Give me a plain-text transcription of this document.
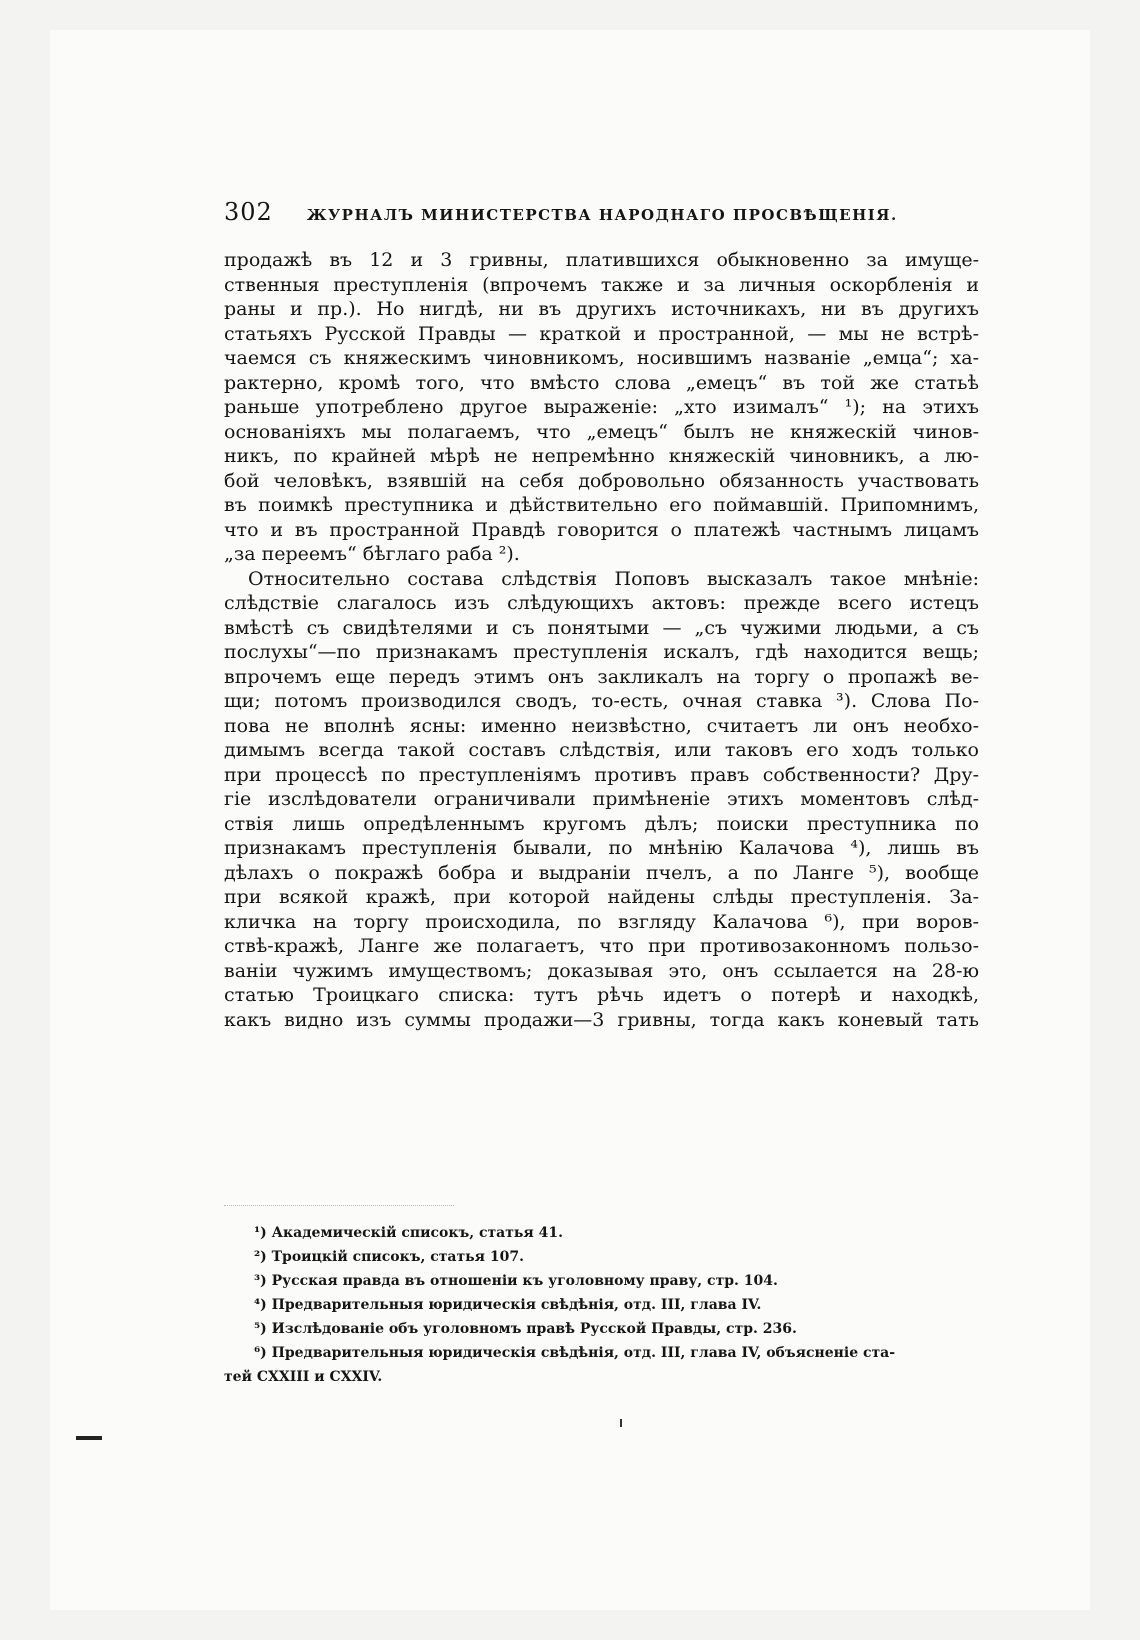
302 ЖУРНАЛЪ МИНИСТЕРСТВА НАРОДНАГО ПРОСВѢЩЕНІЯ.
продажѣ въ 12 и 3 гривны, платившихся обыкновенно за имуще-
ственныя преступленія (впрочемъ также и за личныя оскорбленія и
раны и пр.). Но нигдѣ, ни въ другихъ источникахъ, ни въ другихъ
статьяхъ Русской Правды — краткой и пространной, — мы не встрѣ-
чаемся съ княжескимъ чиновникомъ, носившимъ названіе „емца“; ха-
рактерно, кромѣ того, что вмѣсто слова „емецъ“ въ той же статьѣ
раньше употреблено другое выраженіе: „хто изималъ“ ¹); на этихъ
основаніяхъ мы полагаемъ, что „емецъ“ былъ не княжескій чинов-
никъ, по крайней мѣрѣ не непремѣнно княжескій чиновникъ, а лю-
бой человѣкъ, взявшій на себя добровольно обязанность участвовать
въ поимкѣ преступника и дѣйствительно его поймавшій. Припомнимъ,
что и въ пространной Правдѣ говорится о платежѣ частнымъ лицамъ
„за переемъ“ бѣглаго раба ²).
Относительно состава слѣдствія Поповъ высказалъ такое мнѣніе:
слѣдствіе слагалось изъ слѣдующихъ актовъ: прежде всего истецъ
вмѣстѣ съ свидѣтелями и съ понятыми — „съ чужими людьми, а съ
послухы“—по признакамъ преступленія искалъ, гдѣ находится вещь;
впрочемъ еще передъ этимъ онъ закликалъ на торгу о пропажѣ ве-
щи; потомъ производился сводъ, то-есть, очная ставка ³). Слова По-
пова не вполнѣ ясны: именно неизвѣстно, считаетъ ли онъ необхо-
димымъ всегда такой составъ слѣдствія, или таковъ его ходъ только
при процессѣ по преступленіямъ противъ правъ собственности? Дру-
гіе изслѣдователи ограничивали примѣненіе этихъ моментовъ слѣд-
ствія лишь опредѣленнымъ кругомъ дѣлъ; поиски преступника по
признакамъ преступленія бывали, по мнѣнію Калачова ⁴), лишь въ
дѣлахъ о покражѣ бобра и выдраніи пчелъ, а по Ланге ⁵), вообще
при всякой кражѣ, при которой найдены слѣды преступленія. За-
кличка на торгу происходила, по взгляду Калачова ⁶), при воров-
ствѣ-кражѣ, Ланге же полагаетъ, что при противозаконномъ пользо-
ваніи чужимъ имуществомъ; доказывая это, онъ ссылается на 28-ю
статью Троицкаго списка: тутъ рѣчь идетъ о потерѣ и находкѣ,
какъ видно изъ суммы продажи—3 гривны, тогда какъ коневый тать
¹) Академическій списокъ, статья 41.
²) Троицкій списокъ, статья 107.
³) Русская правда въ отношеніи къ уголовному праву, стр. 104.
⁴) Предварительныя юридическія свѣдѣнія, отд. III, глава IV.
⁵) Изслѣдованіе объ уголовномъ правѣ Русской Правды, стр. 236.
⁶) Предварительныя юридическія свѣдѣнія, отд. III, глава IV, объясненіе ста-
тей CXXIII и CXXIV.
